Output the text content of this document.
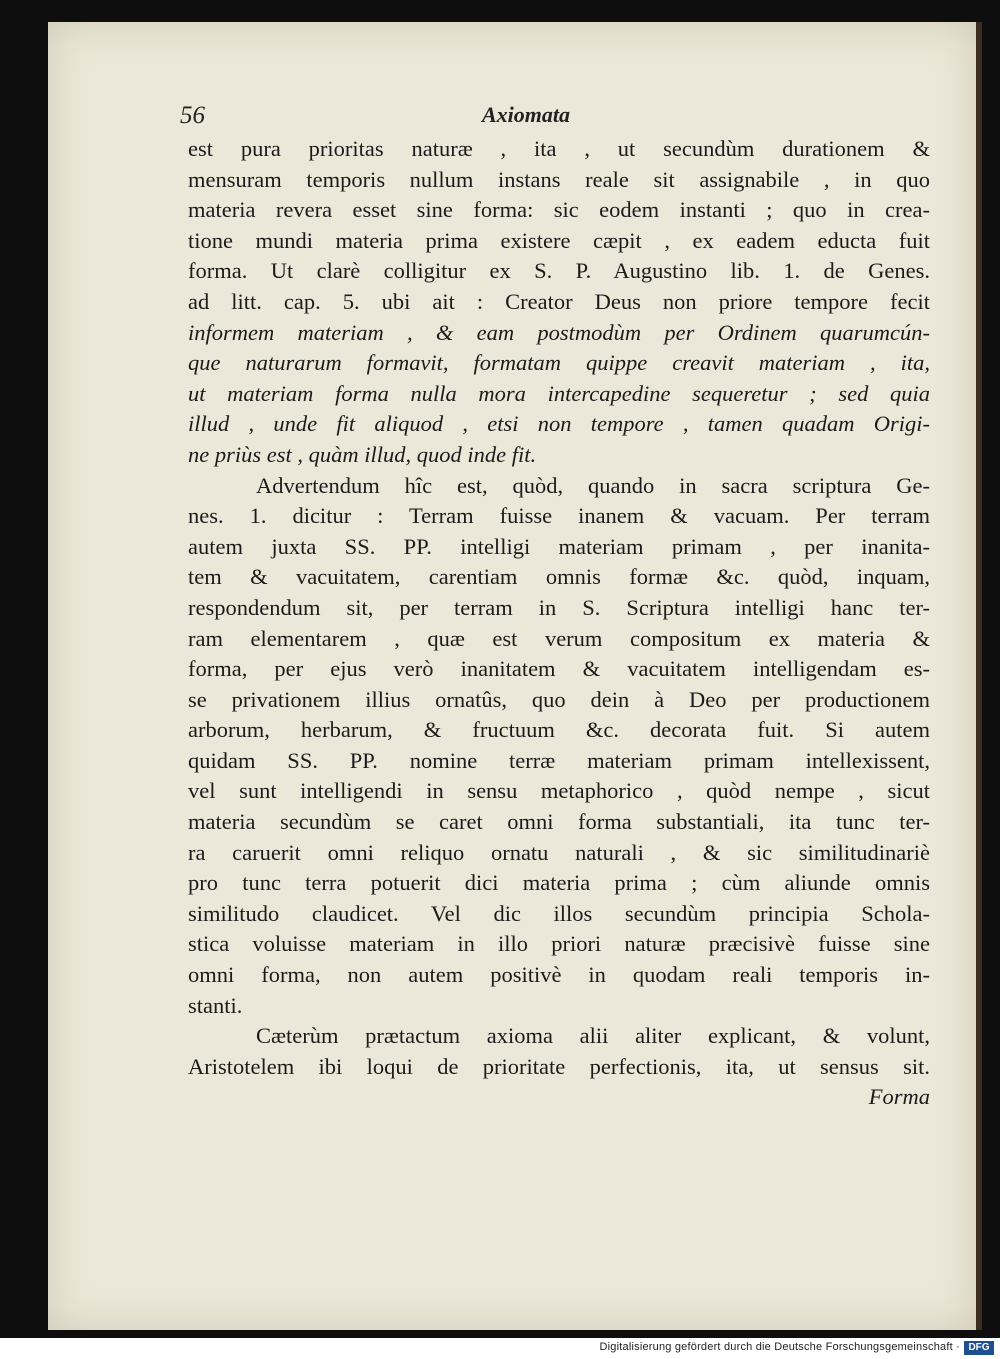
56	Axiomata
est pura prioritas naturæ , ita , ut secundùm durationem &
mensuram temporis nullum instans reale sit assignabile , in quo
materia revera esset sine forma: sic eodem instanti ; quo in crea-
tione mundi materia prima existere cæpit , ex eadem educta fuit
forma. Ut clarè colligitur ex S. P. Augustino lib. 1. de Genes.
ad litt. cap. 5. ubi ait : Creator Deus non priore tempore fecit
informem materiam , & eam postmodùm per Ordinem quarumcún-
que naturarum formavit, formatam quippe creavit materiam , ita,
ut materiam forma nulla mora intercapedine sequeretur ; sed quia
illud , unde fit aliquod , etsi non tempore , tamen quadam Origi-
ne priùs est , quàm illud, quod inde fit.
Advertendum hîc est, quòd, quando in sacra scriptura Ge-
nes. 1. dicitur : Terram fuisse inanem & vacuam. Per terram
autem juxta SS. PP. intelligi materiam primam , per inanita-
tem & vacuitatem, carentiam omnis formæ &c. quòd, inquam,
respondendum sit, per terram in S. Scriptura intelligi hanc ter-
ram elementarem , quæ est verum compositum ex materia &
forma, per ejus verò inanitatem & vacuitatem intelligendam es-
se privationem illius ornatûs, quo dein à Deo per productionem
arborum, herbarum, & fructuum &c. decorata fuit. Si autem
quidam SS. PP. nomine terræ materiam primam intellexissent,
vel sunt intelligendi in sensu metaphorico , quòd nempe , sicut
materia secundùm se caret omni forma substantiali, ita tunc ter-
ra caruerit omni reliquo ornatu naturali , & sic similitudinariè
pro tunc terra potuerit dici materia prima ; cùm aliunde omnis
similitudo claudicet. Vel dic illos secundùm principia Schola-
stica voluisse materiam in illo priori naturæ præcisivè fuisse sine
omni forma, non autem positivè in quodam reali temporis in-
stanti.
Cæterùm prætactum axioma alii aliter explicant, & volunt,
Aristotelem ibi loqui de prioritate perfectionis, ita, ut sensus sit.
Forma
Digitalisierung gefördert durch die Deutsche Forschungsgemeinschaft · DFG
